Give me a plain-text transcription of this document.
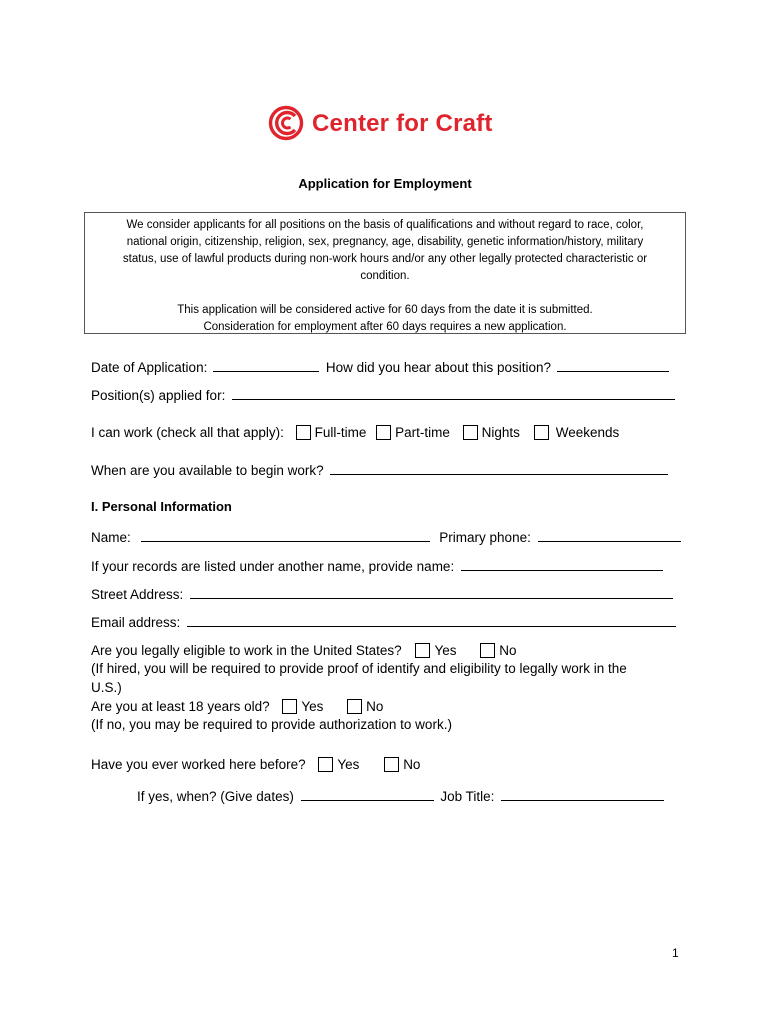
Center for Craft
Application for Employment
We consider applicants for all positions on the basis of qualifications and without regard to race, color,
national origin, citizenship, religion, sex, pregnancy, age, disability, genetic information/history, military
status, use of lawful products during non-work hours and/or any other legally protected characteristic or
condition.
This application will be considered active for 60 days from the date it is submitted.
Consideration for employment after 60 days requires a new application.
Date of Application:	How did you hear about this position?
Position(s) applied for:
I can work (check all that apply): Full-time Part-time Nights	Weekends
When are you available to begin work?
I. Personal Information
Name:	Primary phone:
If your records are listed under another name, provide name:
Street Address:
Email address:
Are you legally eligible to work in the United States? Yes	No
(If hired, you will be required to provide proof of identify and eligibility to legally work in the
U.S.)
Are you at least 18 years old? Yes	No
(If no, you may be required to provide authorization to work.)
Have you ever worked here before? Yes	No
If yes, when? (Give dates)	Job Title:
1
